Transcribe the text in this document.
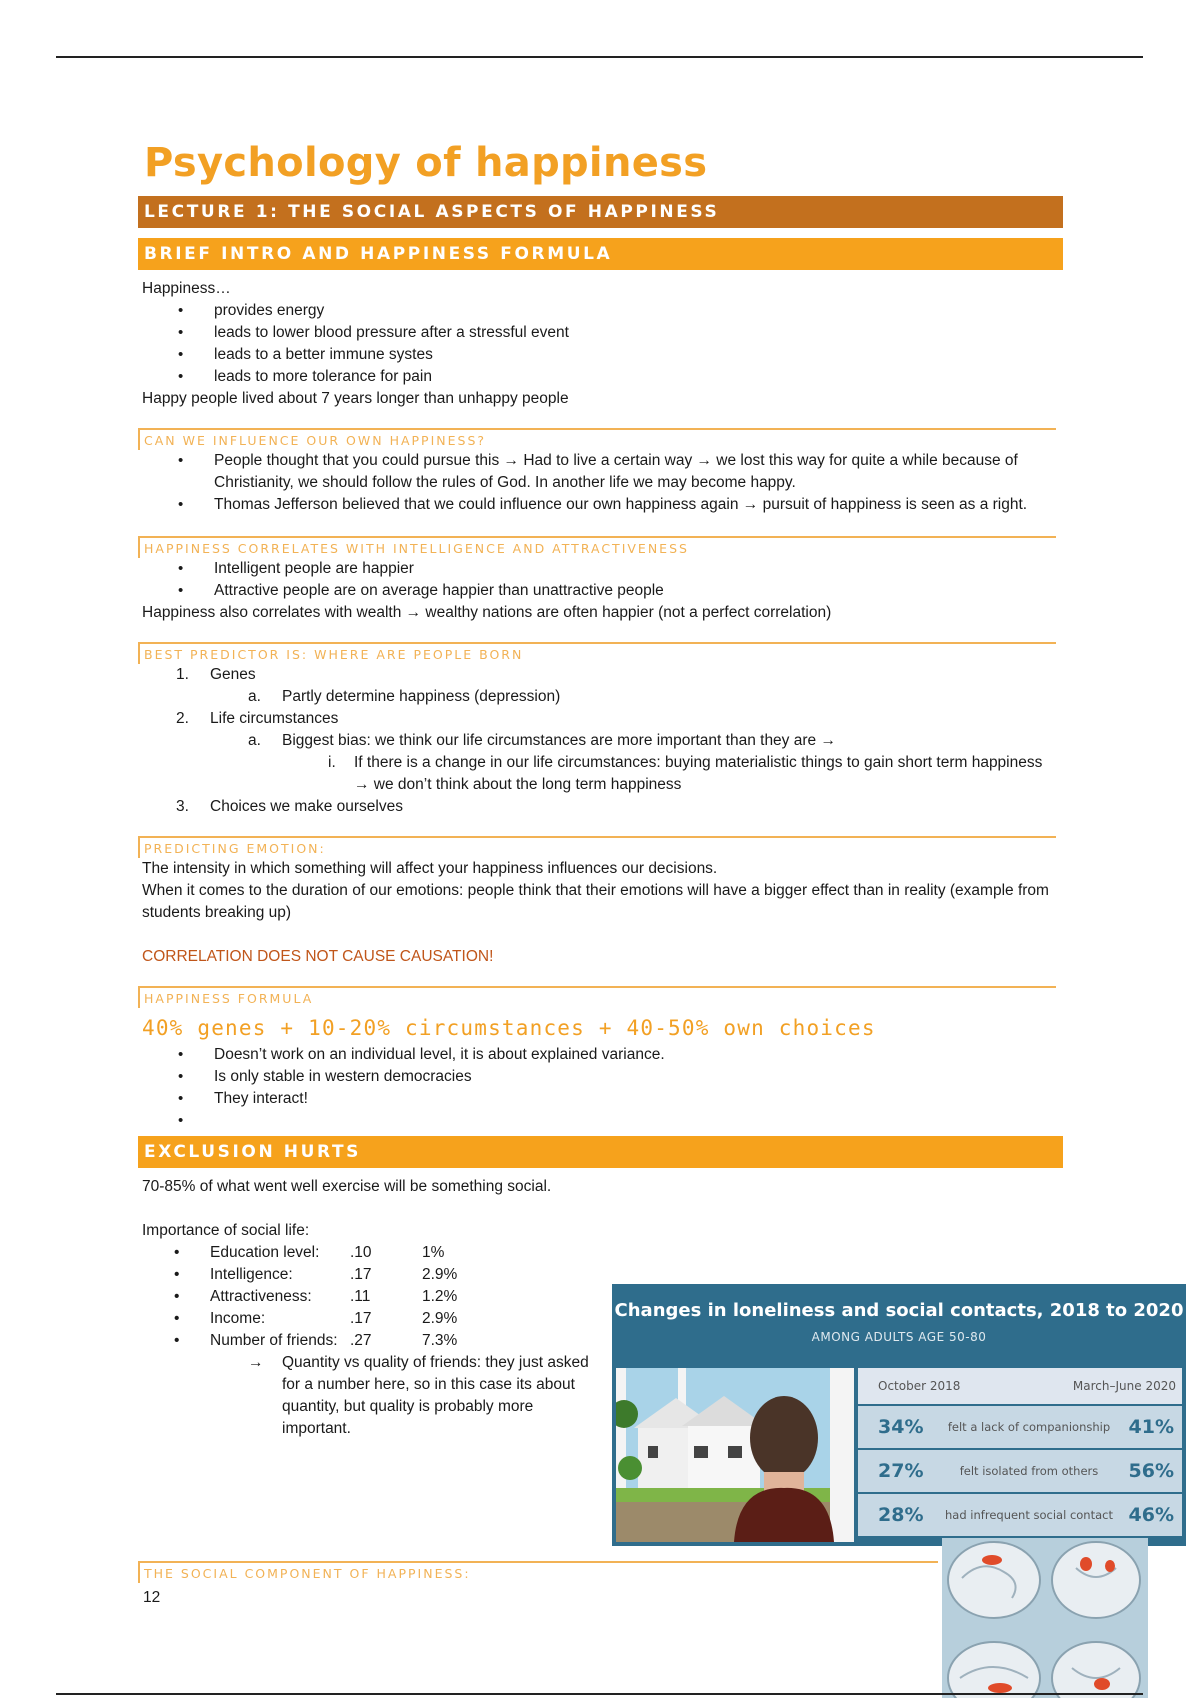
Psychology of happiness
LECTURE 1: THE SOCIAL ASPECTS OF HAPPINESS
BRIEF INTRO AND HAPPINESS FORMULA
Happiness…
• provides energy
• leads to lower blood pressure after a stressful event
• leads to a better immune systes
• leads to more tolerance for pain
Happy people lived about 7 years longer than unhappy people
CAN WE INFLUENCE OUR OWN HAPPINESS?
• People thought that you could pursue this → Had to live a certain way → we lost this way for quite a while because of Christianity, we should follow the rules of God. In another life we may become happy.
• Thomas Jefferson believed that we could influence our own happiness again → pursuit of happiness is seen as a right.
HAPPINESS CORRELATES WITH INTELLIGENCE AND ATTRACTIVENESS
• Intelligent people are happier
• Attractive people are on average happier than unattractive people
Happiness also correlates with wealth → wealthy nations are often happier (not a perfect correlation)
BEST PREDICTOR IS: WHERE ARE PEOPLE BORN
1. Genes
a. Partly determine happiness (depression)
2. Life circumstances
a. Biggest bias: we think our life circumstances are more important than they are →
i. If there is a change in our life circumstances: buying materialistic things to gain short term happiness → we don’t think about the long term happiness
3. Choices we make ourselves
PREDICTING EMOTION:
The intensity in which something will affect your happiness influences our decisions.
When it comes to the duration of our emotions: people think that their emotions will have a bigger effect than in reality (example from students breaking up)
CORRELATION DOES NOT CAUSE CAUSATION!
HAPPINESS FORMULA
40% genes + 10-20% circumstances + 40-50% own choices
• Doesn’t work on an individual level, it is about explained variance.
• Is only stable in western democracies
• They interact!
•
EXCLUSION HURTS
70-85% of what went well exercise will be something social.
Importance of social life:
• Education level: .10	1%
• Intelligence:	.17	2.9%
• Attractiveness: .11	1.2%
• Income:	.17	2.9%
• Number of friends: .27	7.3%
→ Quantity vs quality of friends: they just asked for a number here, so in this case its about quantity, but quality is probably more important.
Changes in loneliness and social contacts, 2018 to 2020
AMONG ADULTS AGE 50-80
October 2018	March–June 2020
34%	felt a lack of companionship 41%
27%	felt isolated from others	56%
28%	had infrequent social contact 46%
THE SOCIAL COMPONENT OF HAPPINESS:
12
